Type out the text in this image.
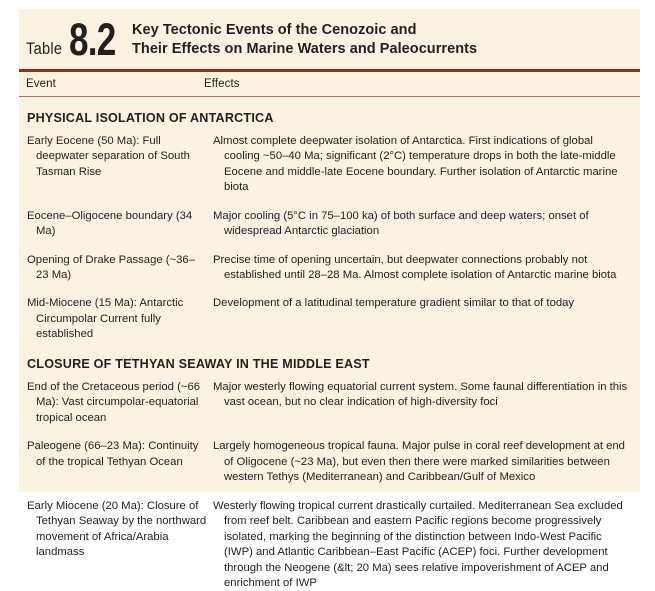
Table 8.2 Key Tectonic Events of the Cenozoic and
Their Effects on Marine Waters and Paleocurrents
Event	Effects
PHYSICAL ISOLATION OF ANTARCTICA
Early Eocene (50 Ma): Full deepwater separation of South Tasman Rise
Almost complete deepwater isolation of Antarctica. First indications of global cooling ~50–40 Ma; significant (2°C) temperature drops in both the late-middle Eocene and middle-late Eocene boundary. Further isolation of Antarctic marine biota
Eocene–Oligocene boundary (34 Ma)
Major cooling (5°C in 75–100 ka) of both surface and deep waters; onset of widespread Antarctic glaciation
Opening of Drake Passage (~36–23 Ma)
Precise time of opening uncertain, but deepwater connections probably not established until 28–28 Ma. Almost complete isolation of Antarctic marine biota
Mid-Miocene (15 Ma): Antarctic Circumpolar Current fully established
Development of a latitudinal temperature gradient similar to that of today
CLOSURE OF TETHYAN SEAWAY IN THE MIDDLE EAST
End of the Cretaceous period (~66 Ma): Vast circumpolar-equatorial tropical ocean
Major westerly flowing equatorial current system. Some faunal differentiation in this vast ocean, but no clear indication of high-diversity foci
Paleogene (66–23 Ma): Continuity of the tropical Tethyan Ocean
Largely homogeneous tropical fauna. Major pulse in coral reef development at end of Oligocene (~23 Ma), but even then there were marked similarities between western Tethys (Mediterranean) and Caribbean/Gulf of Mexico
Early Miocene (20 Ma): Closure of Tethyan Seaway by the northward movement of Africa/Arabia landmass
Westerly flowing tropical current drastically curtailed. Mediterranean Sea excluded from reef belt. Caribbean and eastern Pacific regions become progressively isolated, marking the beginning of the distinction between Indo-West Pacific (IWP) and Atlantic Caribbean–East Pacific (ACEP) foci. Further development through the Neogene (&lt; 20 Ma) sees relative impoverishment of ACEP and enrichment of IWP
